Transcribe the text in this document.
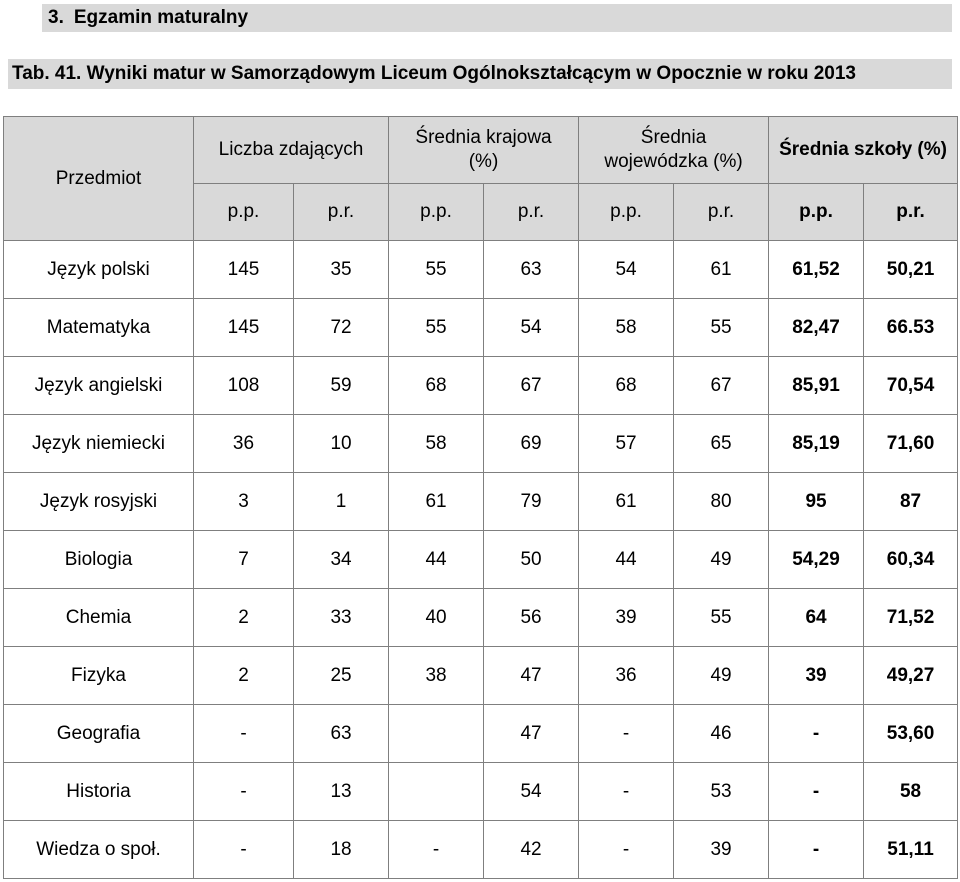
3. Egzamin maturalny
Tab. 41. Wyniki matur w Samorządowym Liceum Ogólnokształcącym w Opocznie w roku 2013
Przedmiot	Liczba zdających		Średnia krajowa (%)		Średnia wojewódzka (%)		Średnia szkoły (%)	
	p.p.	p.r.	p.p.	p.r.	p.p.	p.r.	p.p.	p.r.
Język polski	145	35	55	63	54	61	61,52	50,21
Matematyka	145	72	55	54	58	55	82,47	66.53
Język angielski	108	59	68	67	68	67	85,91	70,54
Język niemiecki	36	10	58	69	57	65	85,19	71,60
Język rosyjski	3	1	61	79	61	80	95	87
Biologia	7	34	44	50	44	49	54,29	60,34
Chemia	2	33	40	56	39	55	64	71,52
Fizyka	2	25	38	47	36	49	39	49,27
Geografia	-	63		47	-	46	-	53,60
Historia	-	13		54	-	53	-	58
Wiedza o społ.	-	18	-	42	-	39	-	51,11
